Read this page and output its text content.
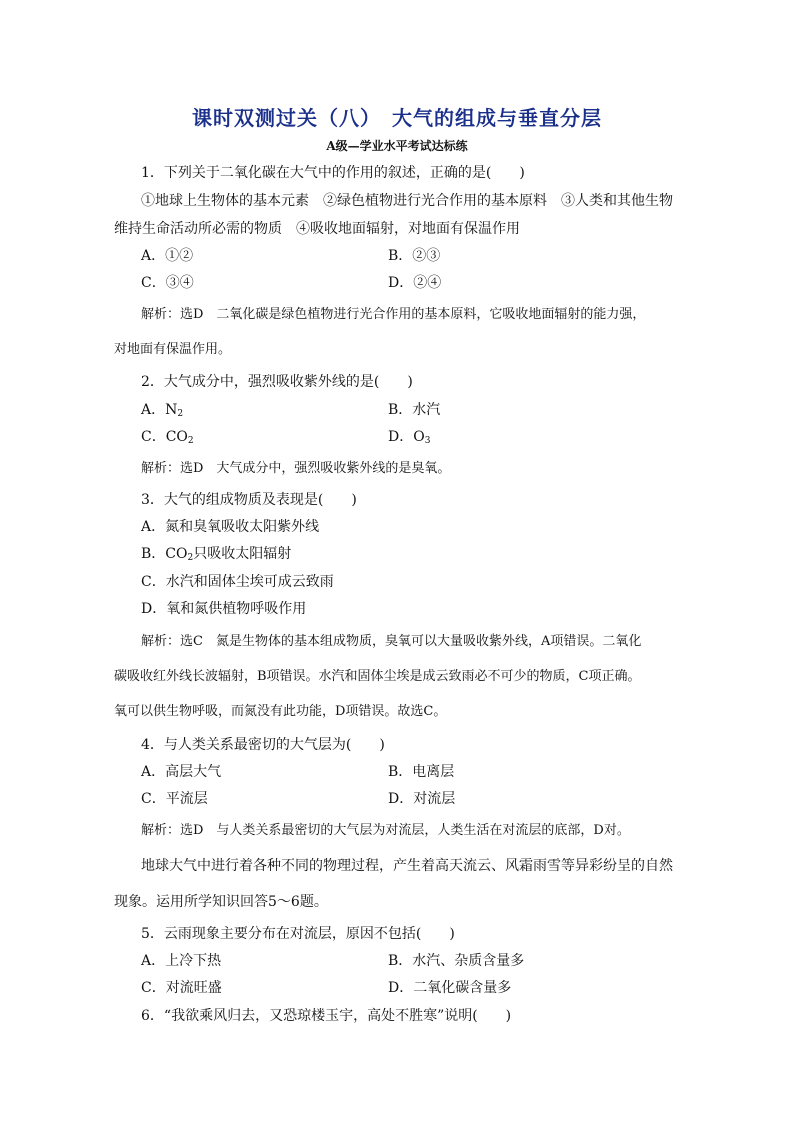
课时双测过关（八）　大气的组成与垂直分层
A级—学业水平考试达标练
1．下列关于二氧化碳在大气中的作用的叙述，正确的是(　　)
①地球上生物体的基本元素　②绿色植物进行光合作用的基本原料　③人类和其他生物
维持生命活动所必需的物质　④吸收地面辐射，对地面有保温作用
A．①②	B．②③
C．③④	D．②④
解析：选D　二氧化碳是绿色植物进行光合作用的基本原料，它吸收地面辐射的能力强，
对地面有保温作用。
2．大气成分中，强烈吸收紫外线的是(　　)
A．$N_2$	B．水汽
C．$CO_2$	D．$O_3$
解析：选D　大气成分中，强烈吸收紫外线的是臭氧。
3．大气的组成物质及表现是(　　)
A．氮和臭氧吸收太阳紫外线
B．$CO_2$只吸收太阳辐射
C．水汽和固体尘埃可成云致雨
D．氧和氮供植物呼吸作用
解析：选C　氮是生物体的基本组成物质，臭氧可以大量吸收紫外线，A项错误。二氧化
碳吸收红外线长波辐射，B项错误。水汽和固体尘埃是成云致雨必不可少的物质，C项正确。
氧可以供生物呼吸，而氮没有此功能，D项错误。故选C。
4．与人类关系最密切的大气层为(　　)
A．高层大气	B．电离层
C．平流层	D．对流层
解析：选D　与人类关系最密切的大气层为对流层，人类生活在对流层的底部，D对。
地球大气中进行着各种不同的物理过程，产生着高天流云、风霜雨雪等异彩纷呈的自然
现象。运用所学知识回答5～6题。
5．云雨现象主要分布在对流层，原因不包括(　　)
A．上冷下热	B．水汽、杂质含量多
C．对流旺盛	D．二氧化碳含量多
6．“我欲乘风归去，又恐琼楼玉宇，高处不胜寒”说明(　　)
